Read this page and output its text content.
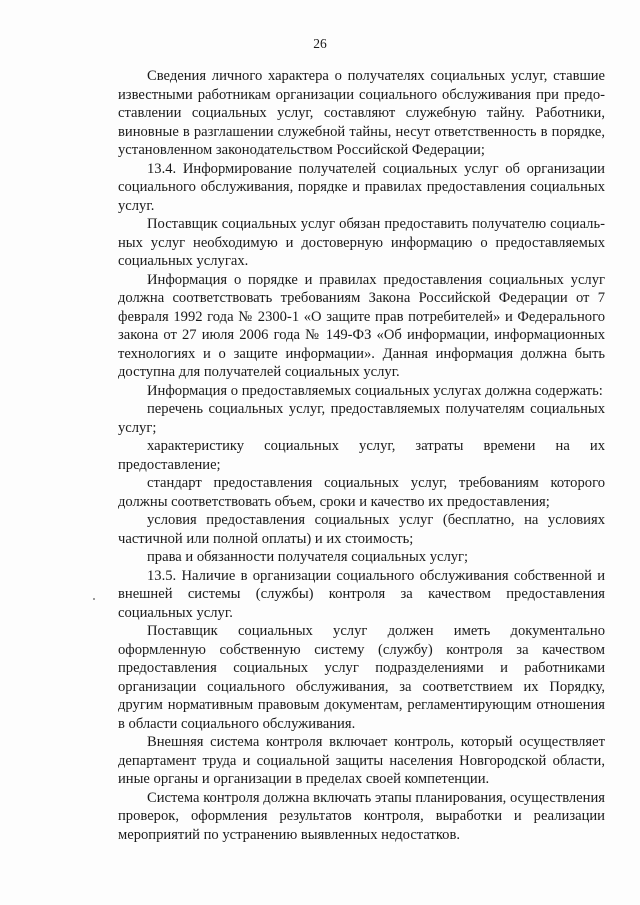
26

Сведения личного характера о получателях социальных услуг, ставшие известными работникам организации социального обслуживания при предоставлении социальных услуг, составляют служебную тайну. Работники, виновные в разглашении служебной тайны, несут ответственность в порядке, установленном законодательством Российской Федерации;

13.4. Информирование получателей социальных услуг об организации социального обслуживания, порядке и правилах предоставления социальных услуг.

Поставщик социальных услуг обязан предоставить получателю социальных услуг необходимую и достоверную информацию о предоставляемых социальных услугах.

Информация о порядке и правилах предоставления социальных услуг должна соответствовать требованиям Закона Российской Федерации от 7 февраля 1992 года № 2300-1 «О защите прав потребителей» и Федерального закона от 27 июля 2006 года № 149-ФЗ «Об информации, информационных технологиях и о защите информации». Данная информация должна быть доступна для получателей социальных услуг.

Информация о предоставляемых социальных услугах должна содержать:

перечень социальных услуг, предоставляемых получателям социальных услуг;

характеристику социальных услуг, затраты времени на их предоставление;

стандарт предоставления социальных услуг, требованиям которого должны соответствовать объем, сроки и качество их предоставления;

условия предоставления социальных услуг (бесплатно, на условиях частичной или полной оплаты) и их стоимость;

права и обязанности получателя социальных услуг;

13.5. Наличие в организации социального обслуживания собственной и внешней системы (службы) контроля за качеством предоставления социальных услуг.

Поставщик социальных услуг должен иметь документально оформленную собственную систему (службу) контроля за качеством предоставления социальных услуг подразделениями и работниками организации социального обслуживания, за соответствием их Порядку, другим нормативным правовым документам, регламентирующим отношения в области социального обслуживания.

Внешняя система контроля включает контроль, который осуществляет департамент труда и социальной защиты населения Новгородской области, иные органы и организации в пределах своей компетенции.

Система контроля должна включать этапы планирования, осуществления проверок, оформления результатов контроля, выработки и реализации мероприятий по устранению выявленных недостатков.
